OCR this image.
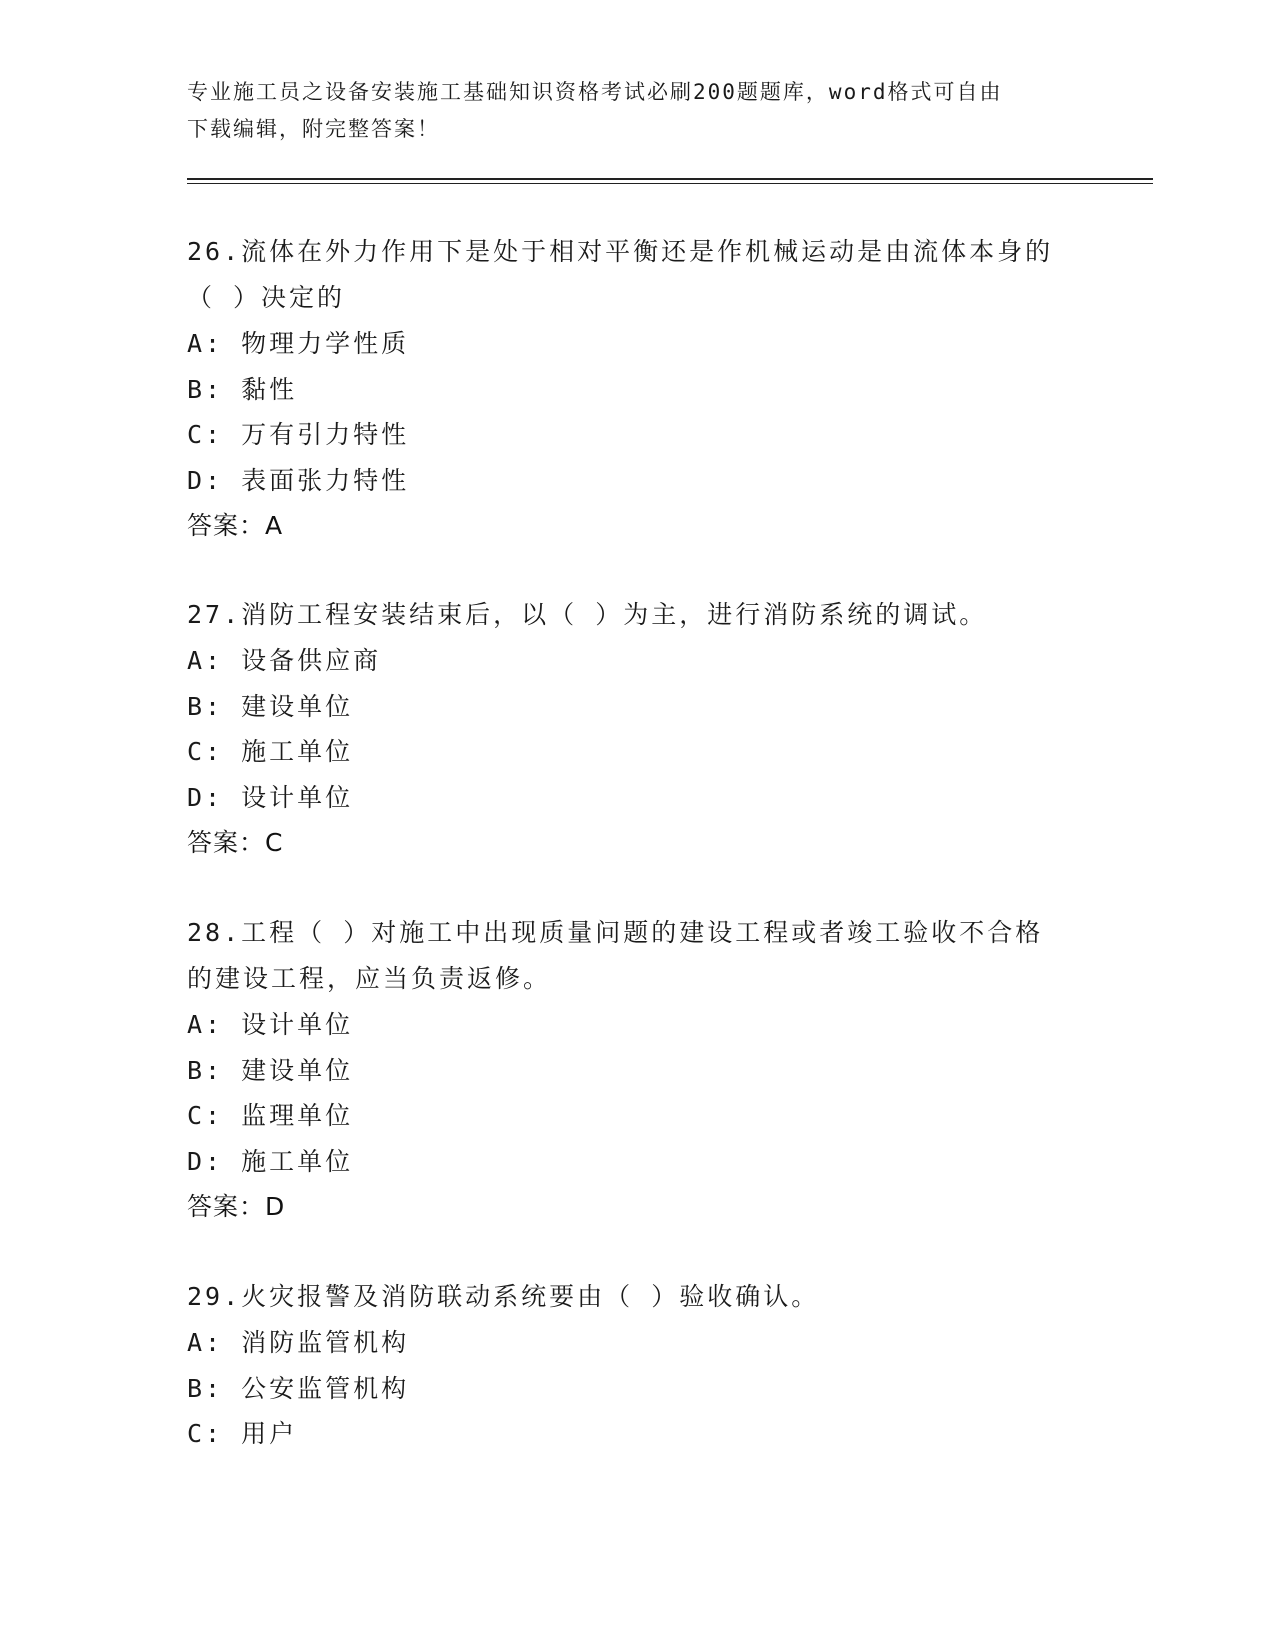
专业施工员之设备安装施工基础知识资格考试必刷200题题库，word格式可自由
下载编辑，附完整答案！
26.流体在外力作用下是处于相对平衡还是作机械运动是由流体本身的
（ ）决定的
A: 物理力学性质
B: 黏性
C: 万有引力特性
D: 表面张力特性
答案：A
27.消防工程安装结束后，以（ ）为主，进行消防系统的调试。
A: 设备供应商
B: 建设单位
C: 施工单位
D: 设计单位
答案：C
28.工程（ ）对施工中出现质量问题的建设工程或者竣工验收不合格
的建设工程，应当负责返修。
A: 设计单位
B: 建设单位
C: 监理单位
D: 施工单位
答案：D
29.火灾报警及消防联动系统要由（ ）验收确认。
A: 消防监管机构
B: 公安监管机构
C: 用户
